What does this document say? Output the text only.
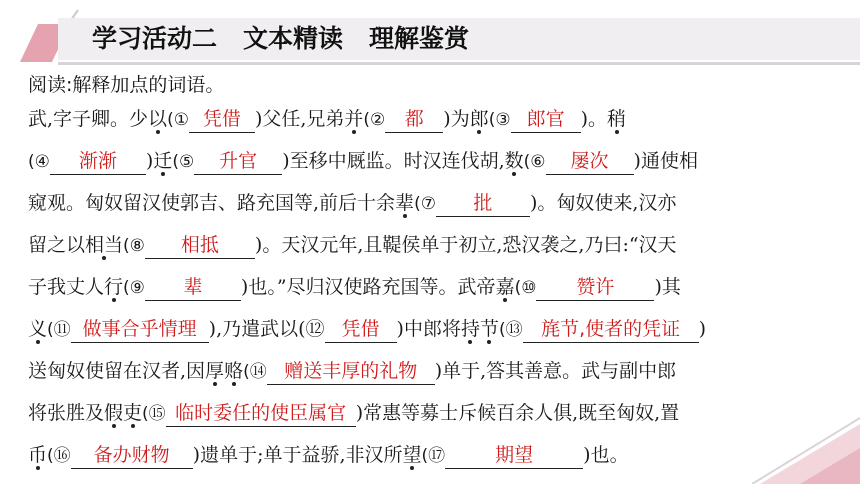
学习活动二 文本精读 理解鉴赏
阅读:解释加点的词语。
武,字子卿。少以(① 凭借 )父任,兄弟并(② 都 )为郎(③ 郎官 )。稍
(④ 渐渐 )迁(⑤ 升官 )至移中厩监。时汉连伐胡,数(⑥ 屡次 )通使相
窥观。匈奴留汉使郭吉、路充国等,前后十余辈(⑦ 批 )。匈奴使来,汉亦
留之以相当(⑧ 相抵 )。天汉元年,且鞮侯单于初立,恐汉袭之,乃曰:“汉天
子我丈人行(⑨ 辈 )也。”尽归汉使路充国等。武帝嘉(⑩ 赞许 )其
义(⑪ 做事合乎情理 ),乃遣武以(⑫ 凭借 )中郎将持节(⑬ 旄节,使者的凭证 )
送匈奴使留在汉者,因厚赂(⑭ 赠送丰厚的礼物 )单于,答其善意。武与副中郎
将张胜及假吏(⑮ 临时委任的使臣属官 )常惠等募士斥候百余人俱,既至匈奴,置
币(⑯ 备办财物 )遗单于;单于益骄,非汉所望(⑰	期望	)也。
